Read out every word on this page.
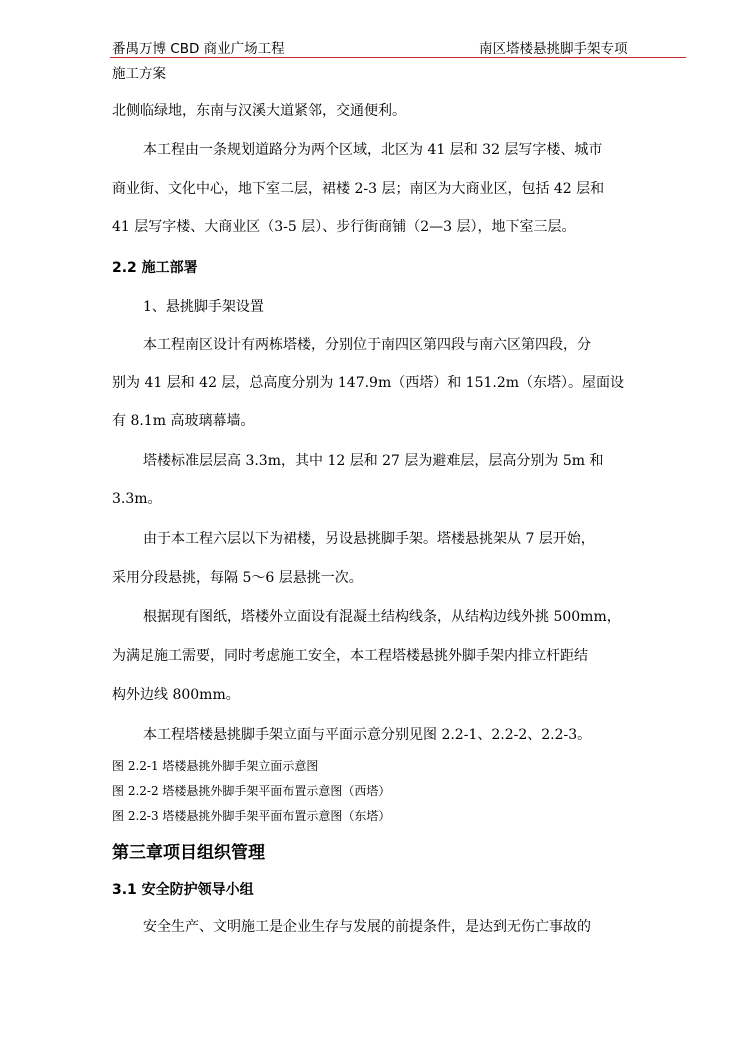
番禺万博 CBD 商业广场工程	南区塔楼悬挑脚手架专项
施工方案
北侧临绿地，东南与汉溪大道紧邻，交通便利。
本工程由一条规划道路分为两个区域，北区为 41 层和 32 层写字楼、城市
商业街、文化中心，地下室二层，裙楼 2-3 层；南区为大商业区，包括 42 层和
41 层写字楼、大商业区（3-5 层）、步行街商铺（2—3 层），地下室三层。
2.2 施工部署
1、悬挑脚手架设置
本工程南区设计有两栋塔楼，分别位于南四区第四段与南六区第四段，分
别为 41 层和 42 层，总高度分别为 147.9m（西塔）和 151.2m（东塔）。屋面设
有 8.1m 高玻璃幕墙。
塔楼标准层层高 3.3m，其中 12 层和 27 层为避难层，层高分别为 5m 和
3.3m。
由于本工程六层以下为裙楼，另设悬挑脚手架。塔楼悬挑架从 7 层开始，
采用分段悬挑，每隔 5～6 层悬挑一次。
根据现有图纸，塔楼外立面设有混凝土结构线条，从结构边线外挑 500mm，
为满足施工需要，同时考虑施工安全，本工程塔楼悬挑外脚手架内排立杆距结
构外边线 800mm。
本工程塔楼悬挑脚手架立面与平面示意分别见图 2.2-1、2.2-2、2.2-3。
图 2.2-1 塔楼悬挑外脚手架立面示意图
图 2.2-2 塔楼悬挑外脚手架平面布置示意图（西塔）
图 2.2-3 塔楼悬挑外脚手架平面布置示意图（东塔）
第三章项目组织管理
3.1 安全防护领导小组
安全生产、文明施工是企业生存与发展的前提条件，是达到无伤亡事故的
